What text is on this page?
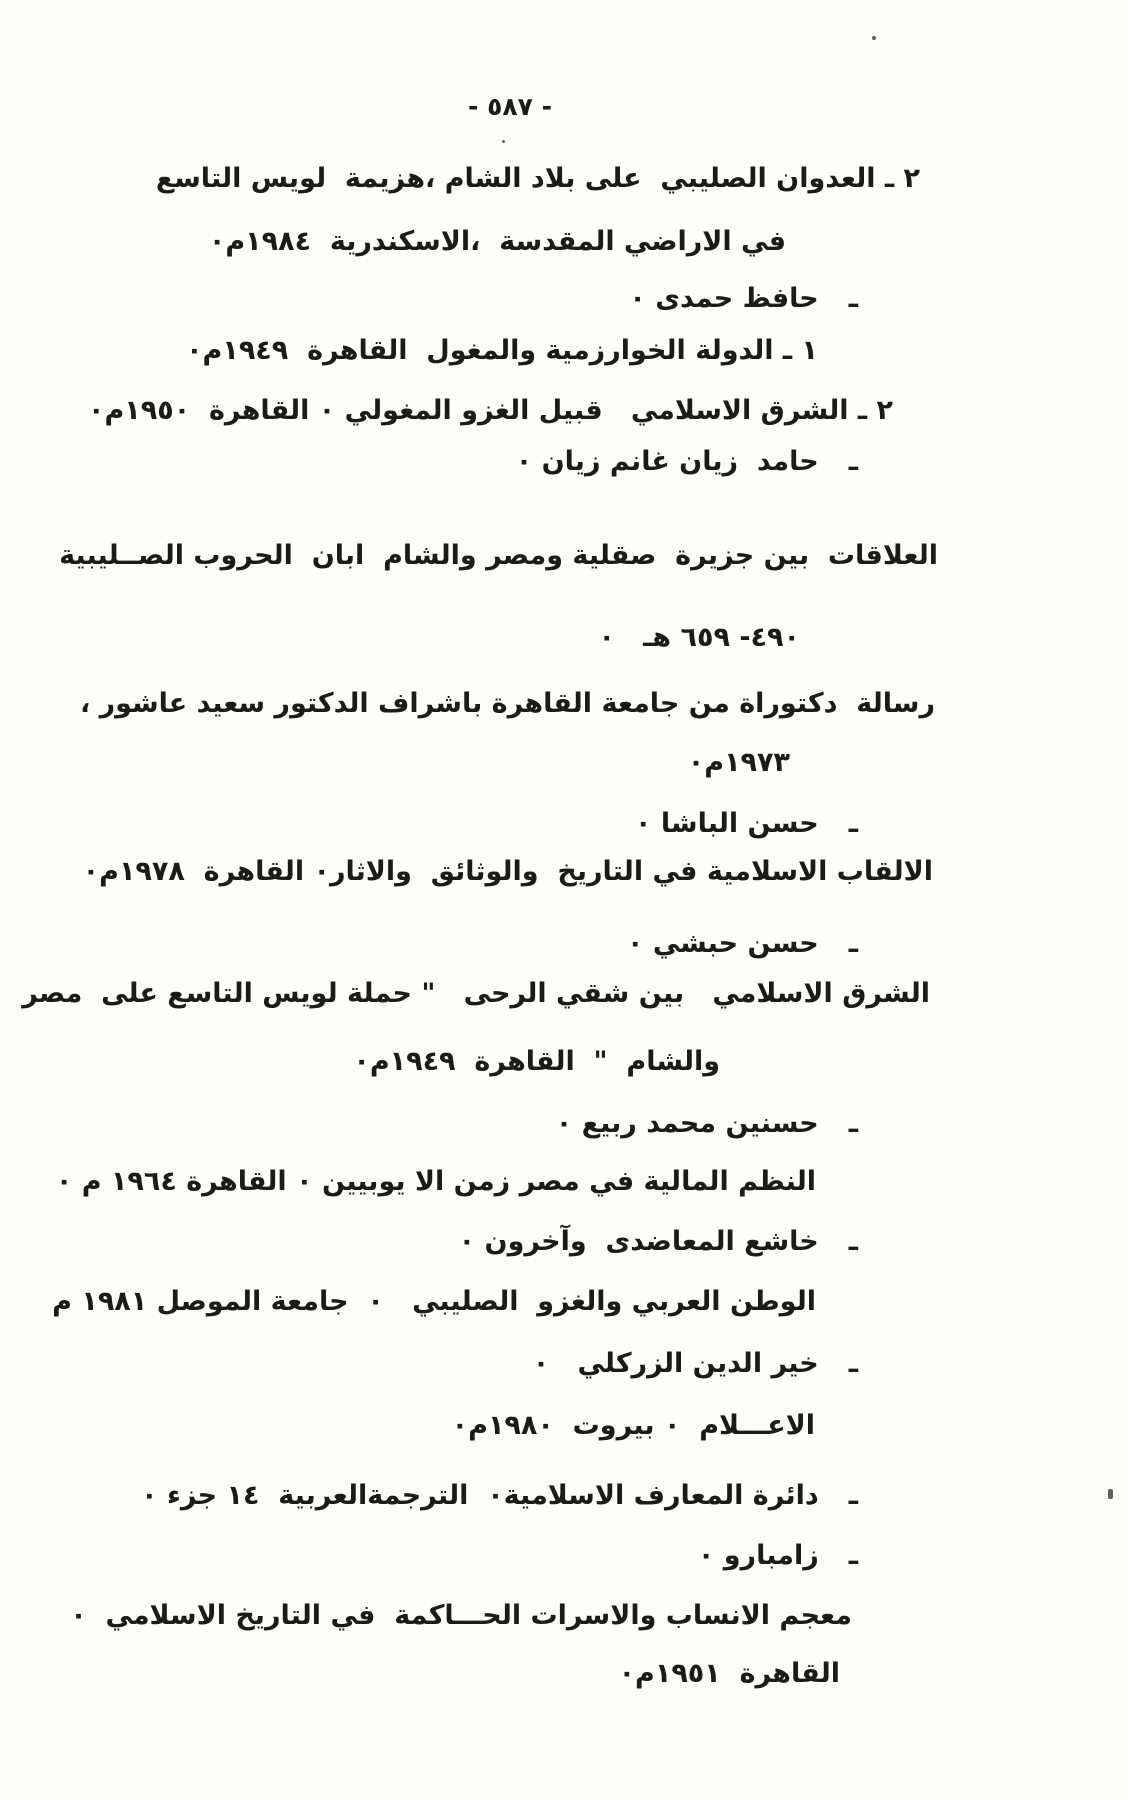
- ٥٨٧ -
٢ ـ العدوان الصليبي  على بلاد الشام ،هزيمة  لويس التاسع
في الاراضي المقدسة  ،الاسكندرية  ١٩٨٤م٠
ـحافظ حمدى ٠
١ ـ الدولة الخوارزمية والمغول  القاهرة  ١٩٤٩م٠
٢ ـ الشرق الاسلامي   قبيل الغزو المغولي ٠ القاهرة  ١٩٥٠م٠
ـحامد  زيان غانم زيان ٠
العلاقات  بين جزيرة  صقلية ومصر والشام  ابان  الحروب الصــليبية
٤٩٠- ٦٥٩ هـ   ٠
رسالة  دكتوراة من جامعة القاهرة باشراف الدكتور سعيد عاشور ،
١٩٧٣م٠
ـحسن الباشا ٠
الالقاب الاسلامية في التاريخ  والوثائق  والاثار٠ القاهرة  ١٩٧٨م٠
ـحسن حبشي ٠
الشرق الاسلامي   بين شقي الرحى   " حملة لويس التاسع على  مصر
والشام  "  القاهرة  ١٩٤٩م٠
ـحسنين محمد ربيع ٠
النظم المالية في مصر زمن الا يوبيين ٠ القاهرة ١٩٦٤ م ٠
ـخاشع المعاضدى  وآخرون ٠
الوطن العربي والغزو  الصليبي   ٠  جامعة الموصل ١٩٨١ م
ـخير الدين الزركلي   ٠
الاعـــلام  ٠ بيروت  ١٩٨٠م٠
ـدائرة المعارف الاسلامية٠  الترجمةالعربية  ١٤ جزء ٠
ـزامبارو ٠
معجم الانساب والاسرات الحـــاكمة  في التاريخ الاسلامي  ٠
القاهرة  ١٩٥١م٠
